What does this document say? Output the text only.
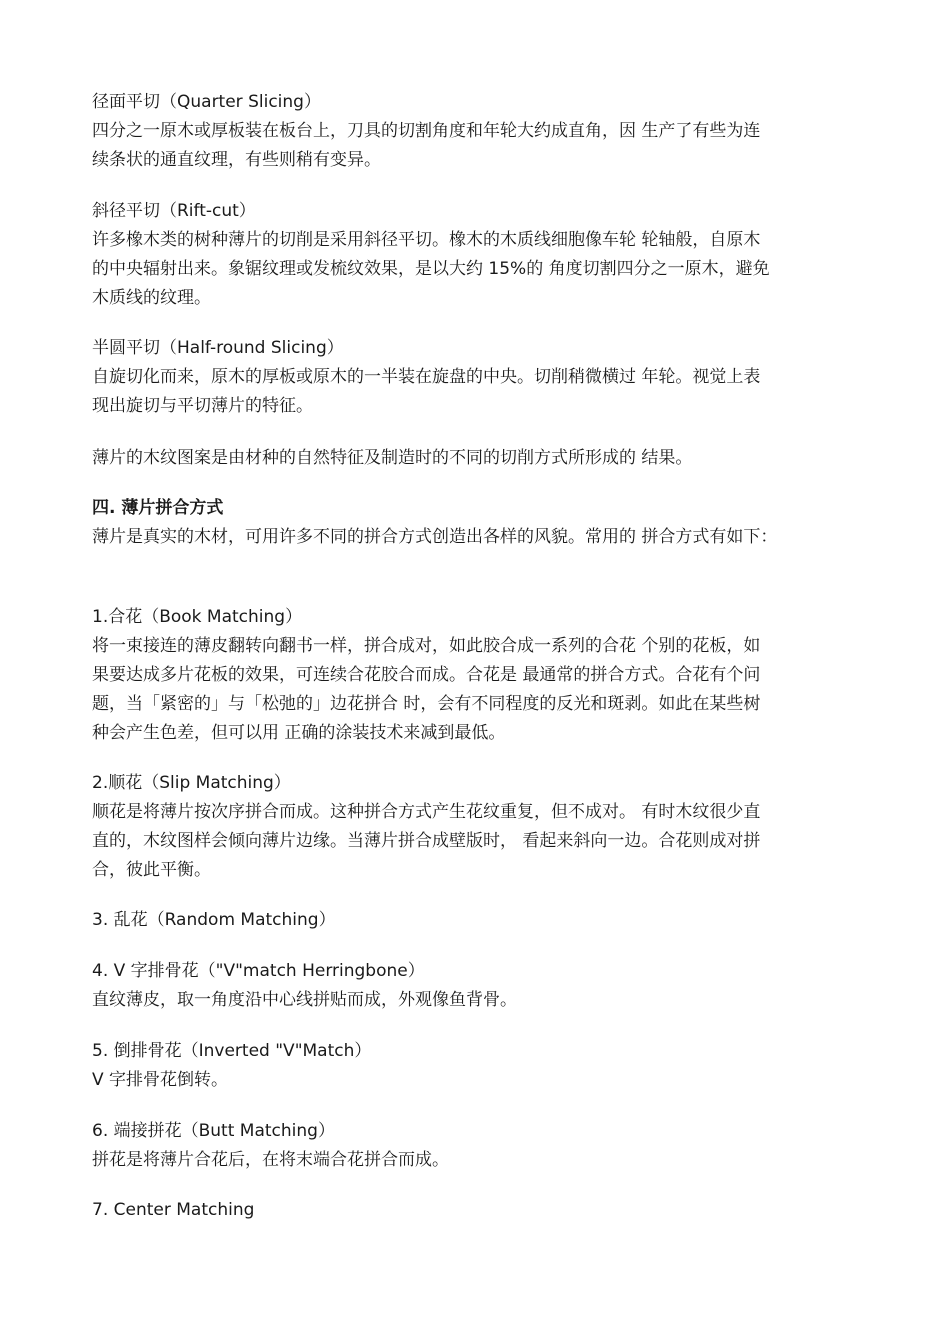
径面平切（Quarter Slicing）
四分之一原木或厚板装在板台上，刀具的切割角度和年轮大约成直角，因 生产了有些为连
续条状的通直纹理，有些则稍有变异。
斜径平切（Rift-cut）
许多橡木类的树种薄片的切削是采用斜径平切。橡木的木质线细胞像车轮 轮轴般，自原木
的中央辐射出来。象锯纹理或发梳纹效果，是以大约 15%的 角度切割四分之一原木，避免
木质线的纹理。
半圆平切（Half-round Slicing）
自旋切化而来，原木的厚板或原木的一半装在旋盘的中央。切削稍微横过 年轮。视觉上表
现出旋切与平切薄片的特征。
薄片的木纹图案是由材种的自然特征及制造时的不同的切削方式所形成的 结果。
四. 薄片拼合方式
薄片是真实的木材，可用许多不同的拼合方式创造出各样的风貌。常用的 拼合方式有如下：
1.合花（Book Matching）
将一束接连的薄皮翻转向翻书一样，拼合成对，如此胶合成一系列的合花 个别的花板，如
果要达成多片花板的效果，可连续合花胶合而成。合花是 最通常的拼合方式。合花有个问
题，当「紧密的」与「松弛的」边花拼合 时，会有不同程度的反光和斑剥。如此在某些树
种会产生色差，但可以用 正确的涂装技术来减到最低。
2.顺花（Slip Matching）
顺花是将薄片按次序拼合而成。这种拼合方式产生花纹重复，但不成对。 有时木纹很少直
直的，木纹图样会倾向薄片边缘。当薄片拼合成壁版时， 看起来斜向一边。合花则成对拼
合，彼此平衡。
3. 乱花（Random Matching）
4. V 字排骨花（"V"match Herringbone）
直纹薄皮，取一角度沿中心线拼贴而成，外观像鱼背骨。
5. 倒排骨花（Inverted "V"Match）
V 字排骨花倒转。
6. 端接拼花（Butt Matching）
拼花是将薄片合花后，在将末端合花拼合而成。
7. Center Matching
